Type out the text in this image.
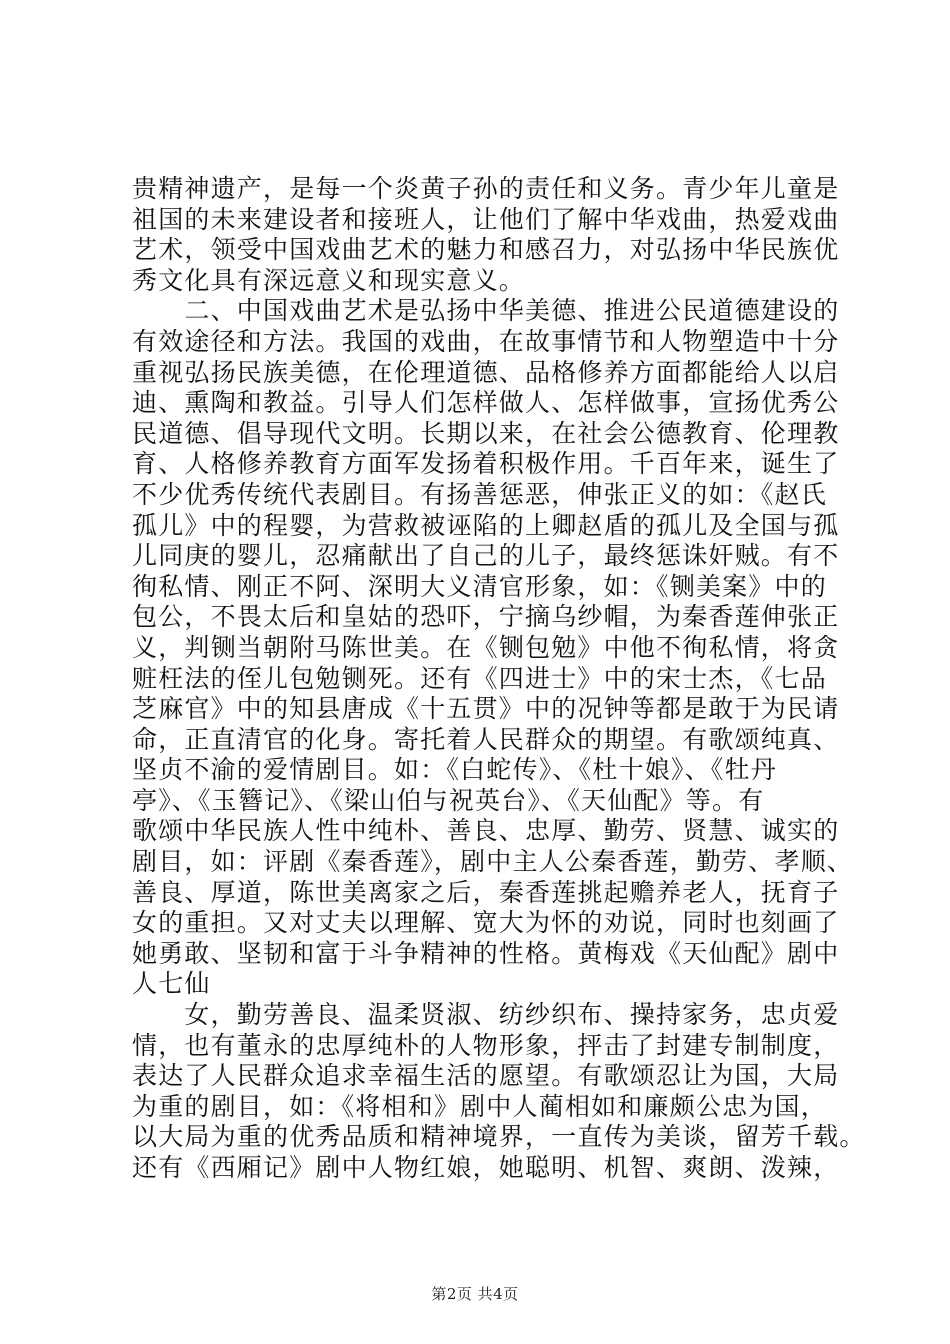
贵精神遗产，是每一个炎黄子孙的责任和义务。青少年儿童是
祖国的未来建设者和接班人，让他们了解中华戏曲，热爱戏曲
艺术，领受中国戏曲艺术的魅力和感召力，对弘扬中华民族优
秀文化具有深远意义和现实意义。
　　二、中国戏曲艺术是弘扬中华美德、推进公民道德建设的
有效途径和方法。我国的戏曲，在故事情节和人物塑造中十分
重视弘扬民族美德，在伦理道德、品格修养方面都能给人以启
迪、熏陶和教益。引导人们怎样做人、怎样做事，宣扬优秀公
民道德、倡导现代文明。长期以来，在社会公德教育、伦理教
育、人格修养教育方面军发扬着积极作用。千百年来，诞生了
不少优秀传统代表剧目。有扬善惩恶，伸张正义的如：《赵氏
孤儿》中的程婴，为营救被诬陷的上卿赵盾的孤儿及全国与孤
儿同庚的婴儿，忍痛献出了自己的儿子，最终惩诛奸贼。有不
徇私情、刚正不阿、深明大义清官形象，如：《铡美案》中的
包公，不畏太后和皇姑的恐吓，宁摘乌纱帽，为秦香莲伸张正
义，判铡当朝附马陈世美。在《铡包勉》中他不徇私情，将贪
赃枉法的侄儿包勉铡死。还有《四进士》中的宋士杰，《七品
芝麻官》中的知县唐成《十五贯》中的况钟等都是敢于为民请
命，正直清官的化身。寄托着人民群众的期望。有歌颂纯真、
坚贞不渝的爱情剧目。如：《白蛇传》、《杜十娘》、《牡丹
亭》、《玉簪记》、《梁山伯与祝英台》、《天仙配》等。有
歌颂中华民族人性中纯朴、善良、忠厚、勤劳、贤慧、诚实的
剧目，如：评剧《秦香莲》，剧中主人公秦香莲，勤劳、孝顺、
善良、厚道，陈世美离家之后，秦香莲挑起赡养老人，抚育子
女的重担。又对丈夫以理解、宽大为怀的劝说，同时也刻画了
她勇敢、坚韧和富于斗争精神的性格。黄梅戏《天仙配》剧中
人七仙
　　女，勤劳善良、温柔贤淑、纺纱织布、操持家务，忠贞爱
情，也有董永的忠厚纯朴的人物形象，抨击了封建专制制度，
表达了人民群众追求幸福生活的愿望。有歌颂忍让为国，大局
为重的剧目，如：《将相和》剧中人蔺相如和廉颇公忠为国，
以大局为重的优秀品质和精神境界，一直传为美谈，留芳千载。
还有《西厢记》剧中人物红娘，她聪明、机智、爽朗、泼辣，
第2页 共4页
